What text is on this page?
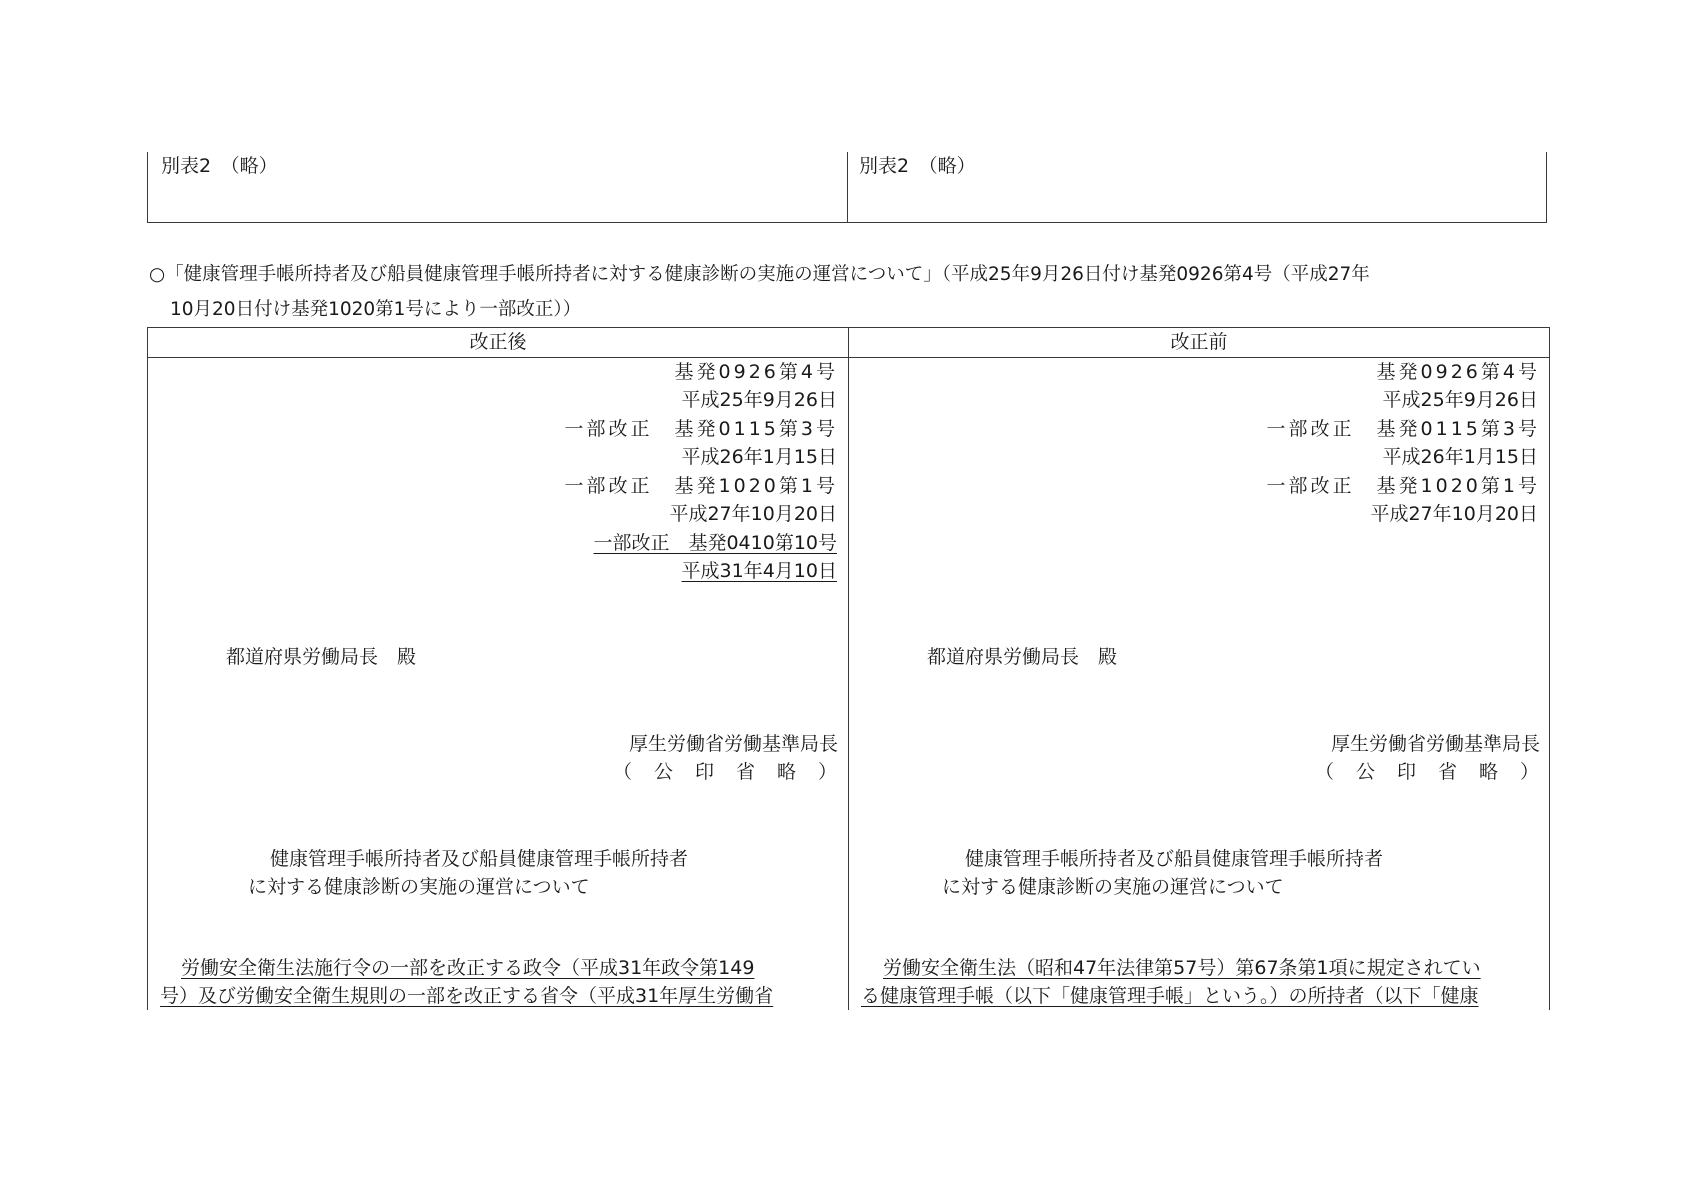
別表2　（略）	別表2　（略）
○「健康管理手帳所持者及び船員健康管理手帳所持者に対する健康診断の実施の運営について」（平成25年9月26日付け基発0926第4号（平成27年
10月20日付け基発1020第1号により一部改正））
改正後	改正前
基発0926第4号
平成25年9月26日
一部改正　基発0115第3号
平成26年1月15日
一部改正　基発1020第1号
平成27年10月20日
一部改正　基発0410第10号
平成31年4月10日
都道府県労働局長　殿
厚生労働省労働基準局長
（公印省略）
健康管理手帳所持者及び船員健康管理手帳所持者
に対する健康診断の実施の運営について
労働安全衛生法施行令の一部を改正する政令（平成31年政令第149
号）及び労働安全衛生規則の一部を改正する省令（平成31年厚生労働省
基発0926第4号
平成25年9月26日
一部改正　基発0115第3号
平成26年1月15日
一部改正　基発1020第1号
平成27年10月20日
都道府県労働局長　殿
厚生労働省労働基準局長
（公印省略）
健康管理手帳所持者及び船員健康管理手帳所持者
に対する健康診断の実施の運営について
労働安全衛生法（昭和47年法律第57号）第67条第1項に規定されてい
る健康管理手帳（以下「健康管理手帳」という。）の所持者（以下「健康
